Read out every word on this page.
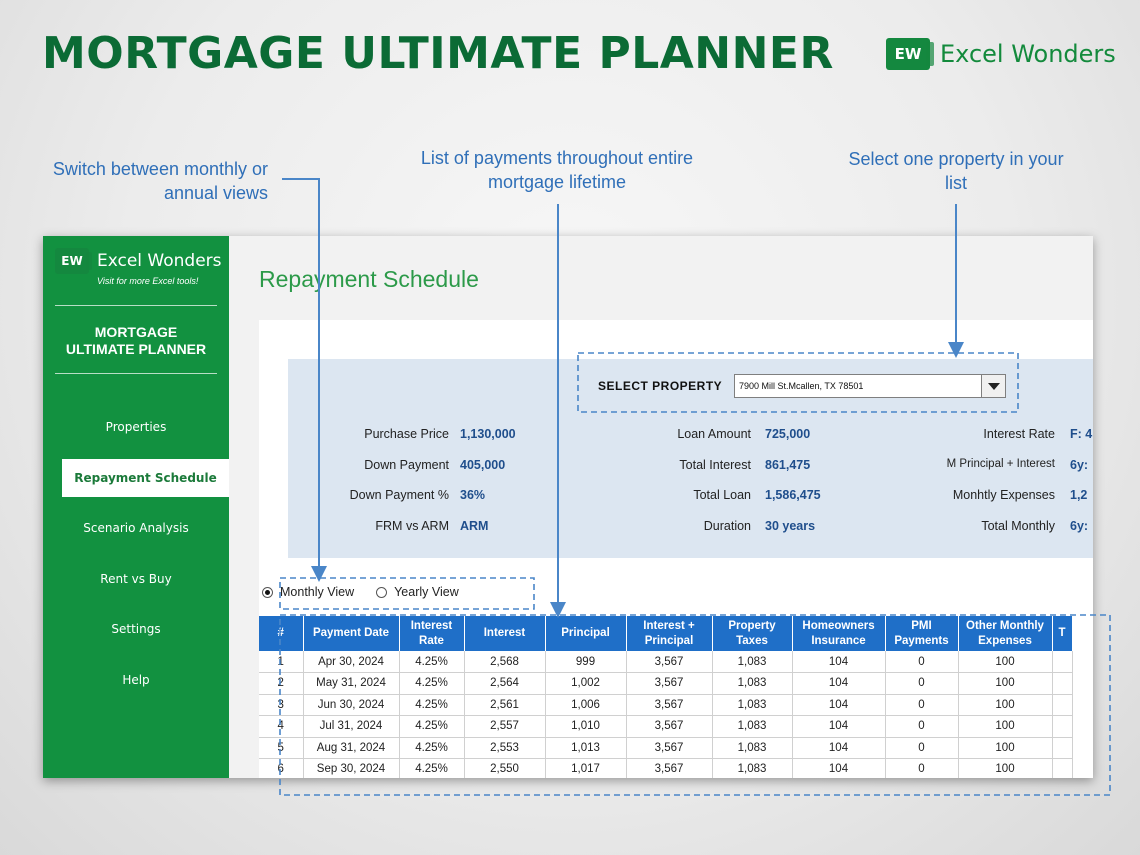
MORTGAGE ULTIMATE PLANNER	EW Excel Wonders
Switch between monthly or annual views
List of payments throughout entire mortgage lifetime
Select one property in your list
EW Excel Wonders
Visit for more Excel tools!
MORTGAGE
ULTIMATE PLANNER
Properties
Repayment Schedule
Scenario Analysis
Rent vs Buy
Settings
Help
Repayment Schedule
SELECT PROPERTY	7900 Mill St.Mcallen, TX 78501
Purchase Price 1,130,000
Down Payment 405,000
Down Payment % 36%
FRM vs ARM ARM
Loan Amount 725,000
Total Interest 861,475
Total Loan 1,586,475
Duration 30 years
Interest Rate F: 4
M Principal + Interest 6y:
Monhtly Expenses 1,2
Total Monthly 6y:
Monthly View	Yearly View
#	Payment Date	Interest Rate	Interest	Principal	Interest + Principal	Property Taxes	Homeowners Insurance	PMI Payments	Other Monthly Expenses	T
1	Apr 30, 2024	4.25%	2,568	999	3,567	1,083	104	0	100	
2	May 31, 2024	4.25%	2,564	1,002	3,567	1,083	104	0	100	
3	Jun 30, 2024	4.25%	2,561	1,006	3,567	1,083	104	0	100	
4	Jul 31, 2024	4.25%	2,557	1,010	3,567	1,083	104	0	100	
5	Aug 31, 2024	4.25%	2,553	1,013	3,567	1,083	104	0	100	
6	Sep 30, 2024	4.25%	2,550	1,017	3,567	1,083	104	0	100	
